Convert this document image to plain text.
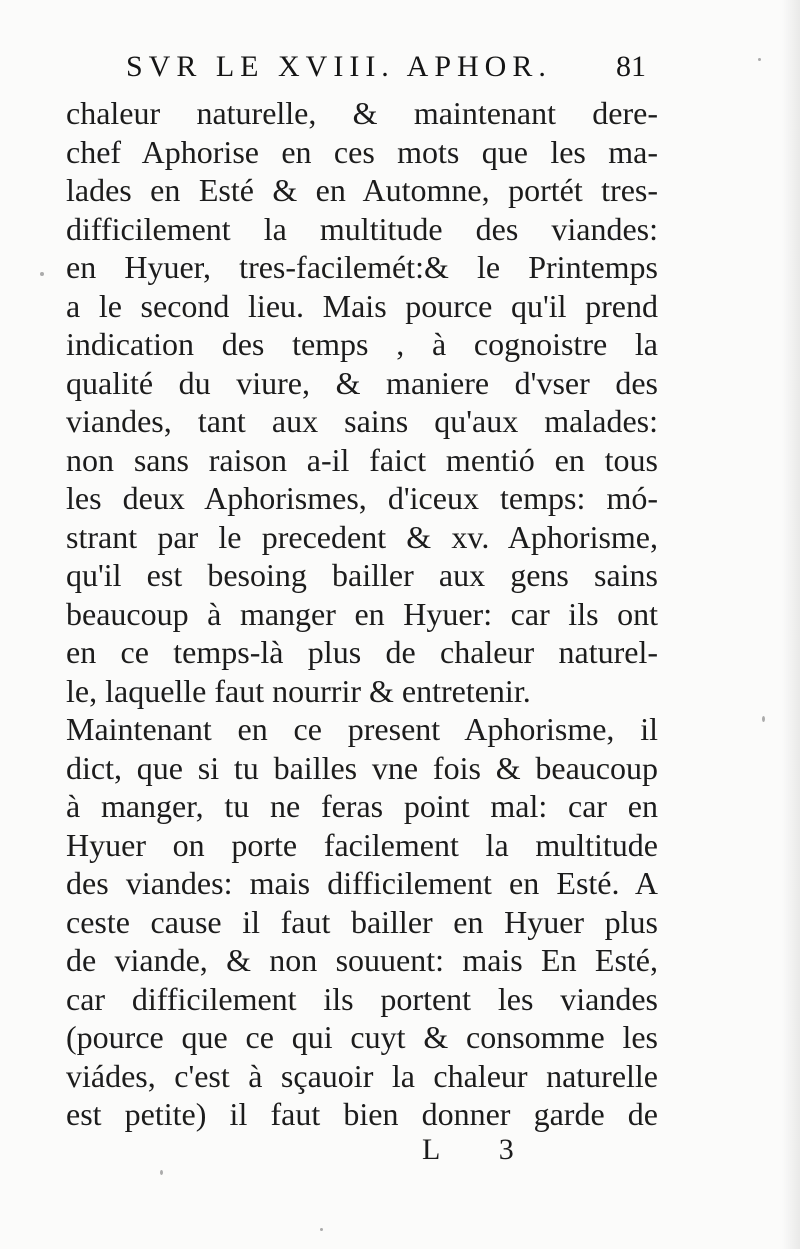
SVR LE XVIII. APHOR. 81
chaleur naturelle, & maintenant dere-
chef Aphorise en ces mots que les ma-
lades en Esté & en Automne, portét tres-
difficilement la multitude des viandes:
en Hyuer, tres-facilemét:& le Printemps
a le second lieu. Mais pource qu'il prend
indication des temps , à cognoistre la
qualité du viure, & maniere d'vser des
viandes, tant aux sains qu'aux malades:
non sans raison a-il faict mentió en tous
les deux Aphorismes, d'iceux temps: mó-
strant par le precedent & xv. Aphorisme,
qu'il est besoing bailler aux gens sains
beaucoup à manger en Hyuer: car ils ont
en ce temps-là plus de chaleur naturel-
le, laquelle faut nourrir & entretenir.
Maintenant en ce present Aphorisme, il
dict, que si tu bailles vne fois & beaucoup
à manger, tu ne feras point mal: car en
Hyuer on porte facilement la multitude
des viandes: mais difficilement en Esté. A
ceste cause il faut bailler en Hyuer plus
de viande, & non souuent: mais En Esté,
car difficilement ils portent les viandes
(pource que ce qui cuyt & consomme les
viádes, c'est à sçauoir la chaleur naturelle
est petite) il faut bien donner garde de
L 3
